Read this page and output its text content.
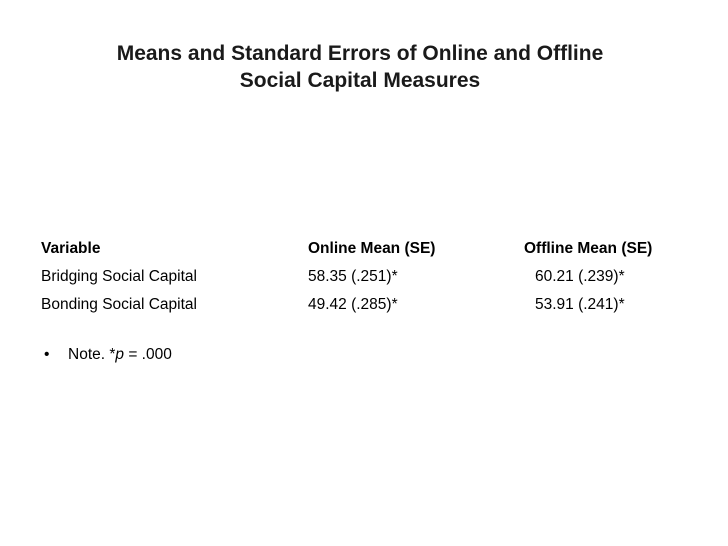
Means and Standard Errors of Online and Offline
Social Capital Measures
Variable	Online Mean (SE)	Offline Mean (SE)
Bridging Social Capital	58.35 (.251)*	60.21 (.239)*
Bonding Social Capital	49.42 (.285)*	53.91 (.241)*
• Note. *p = .000
